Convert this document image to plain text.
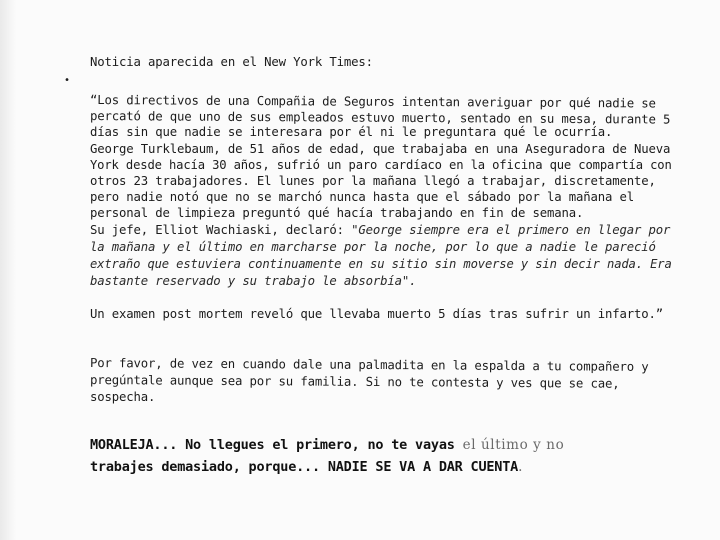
Noticia aparecida en el New York Times:
•
“Los directivos de una Compañia de Seguros intentan averiguar por qué nadie se
percató de que uno de sus empleados estuvo muerto, sentado en su mesa, durante 5
días sin que nadie se interesara por él ni le preguntara qué le ocurría.
George Turklebaum, de 51 años de edad, que trabajaba en una Aseguradora de Nueva
York desde hacía 30 años, sufrió un paro cardíaco en la oficina que compartía con
otros 23 trabajadores. El lunes por la mañana llegó a trabajar, discretamente,
pero nadie notó que no se marchó nunca hasta que el sábado por la mañana el
personal de limpieza preguntó qué hacía trabajando en fin de semana.
Su jefe, Elliot Wachiaski, declaró: "George siempre era el primero en llegar por
la mañana y el último en marcharse por la noche, por lo que a nadie le pareció
extraño que estuviera continuamente en su sitio sin moverse y sin decir nada. Era
bastante reservado y su trabajo le absorbía".
Un examen post mortem reveló que llevaba muerto 5 días tras sufrir un infarto.”
Por favor, de vez en cuando dale una palmadita en la espalda a tu compañero y
pregúntale aunque sea por su familia. Si no te contesta y ves que se cae,
sospecha.
MORALEJA... No llegues el primero, no te vayas el último y no
trabajes demasiado, porque... NADIE SE VA A DAR CUENTA.
